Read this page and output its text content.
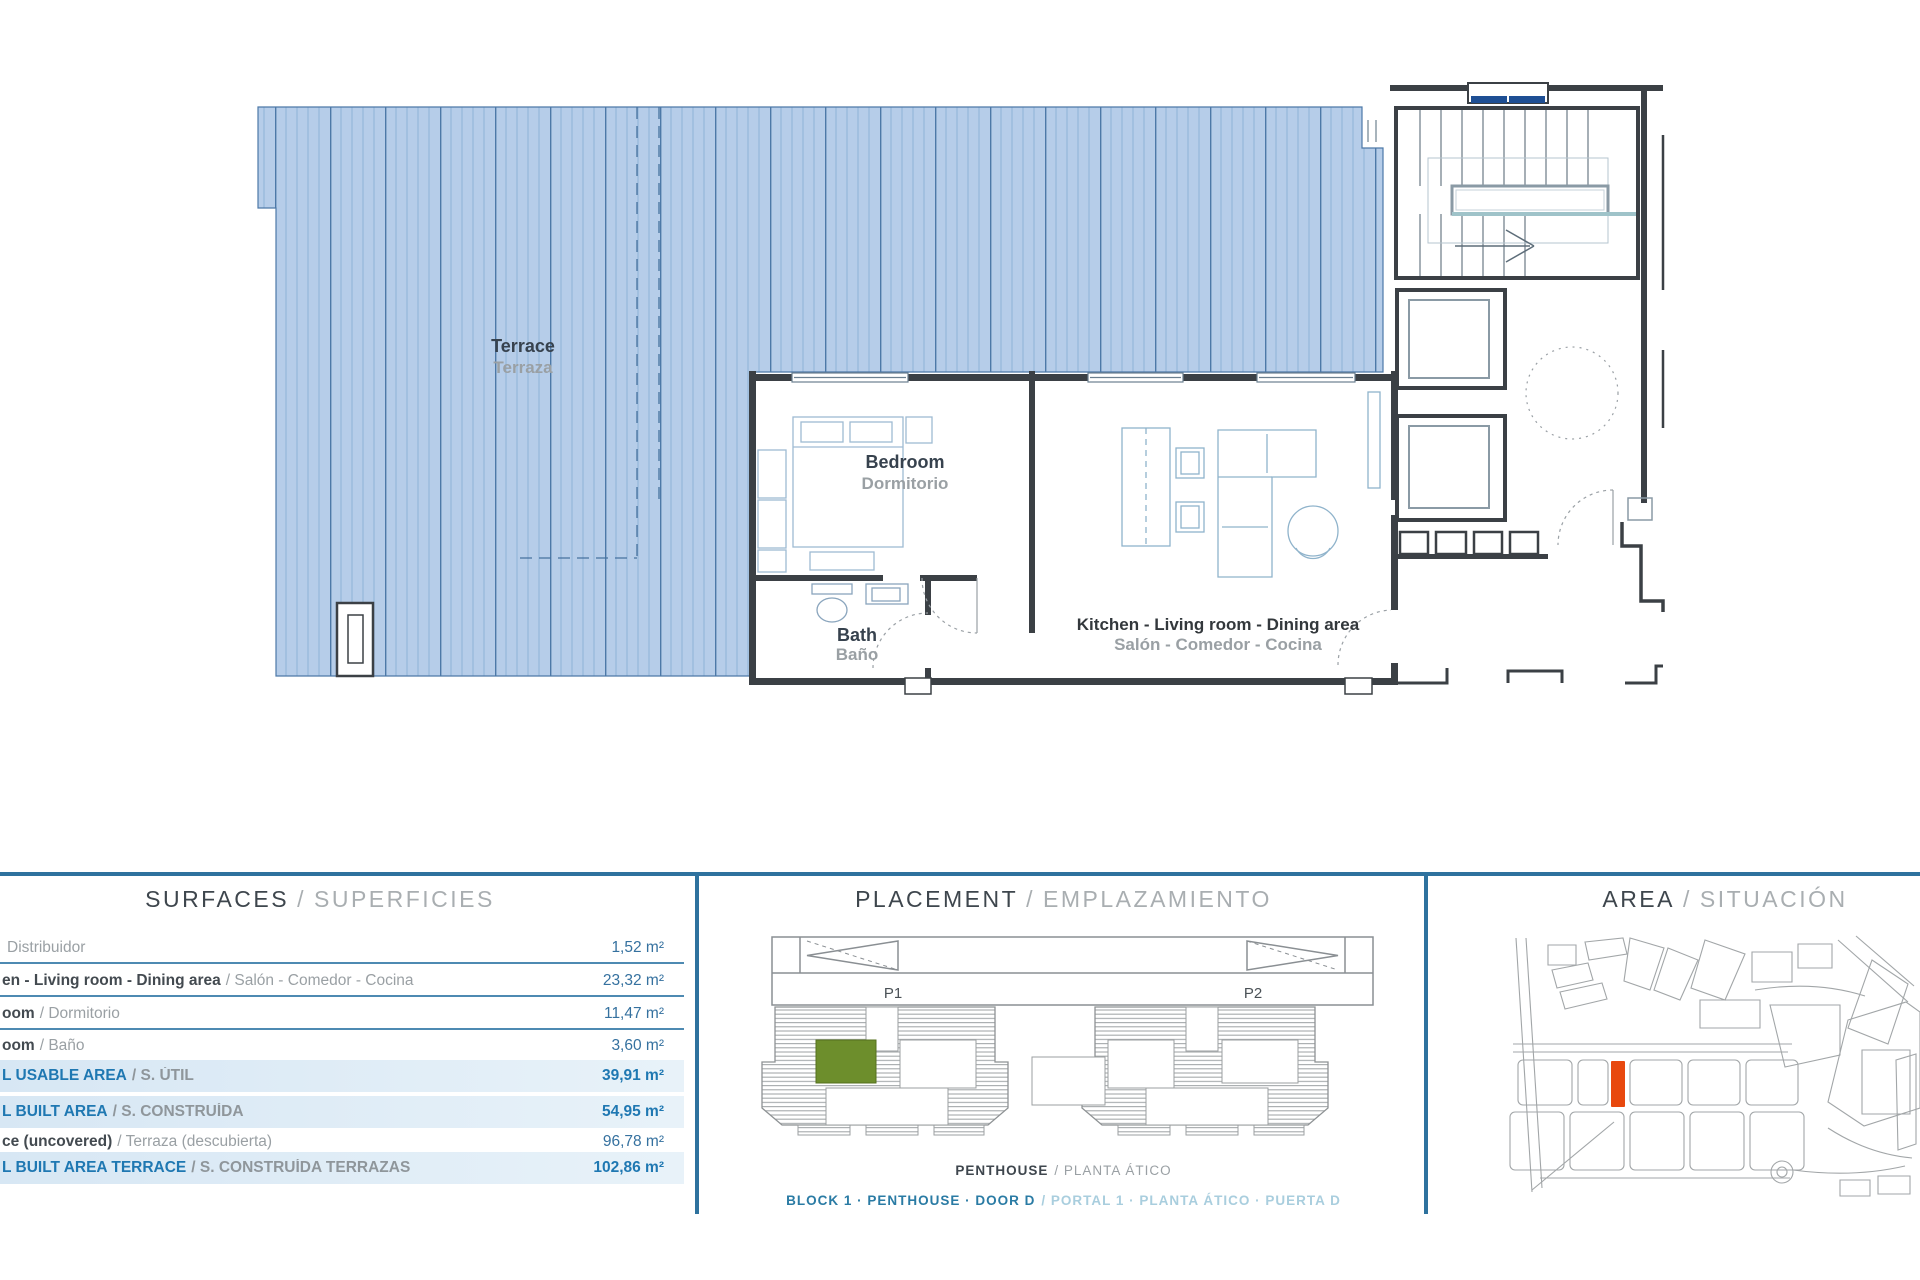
Terrace
Terraza
Bedroom
Dormitorio
Bath
Baño
Kitchen - Living room - Dining area
Salón - Comedor - Cocina
SURFACES / SUPERFICIES
Distribuidor	1,52 m²
en - Living room - Dining area / Salón - Comedor - Cocina	23,32 m²
oom / Dormitorio	11,47 m²
oom / Baño	3,60 m²
L USABLE AREA / S. ÚTIL	39,91 m²
L BUILT AREA / S. CONSTRUÍDA	54,95 m²
ce (uncovered) / Terraza (descubierta)	96,78 m²
L BUILT AREA TERRACE / S. CONSTRUÍDA TERRAZAS	102,86 m²
PLACEMENT / EMPLAZAMIENTO
P1	P2
PENTHOUSE / PLANTA ÁTICO
BLOCK 1 · PENTHOUSE · DOOR D / PORTAL 1 · PLANTA ÁTICO · PUERTA D
AREA / SITUACIÓN
